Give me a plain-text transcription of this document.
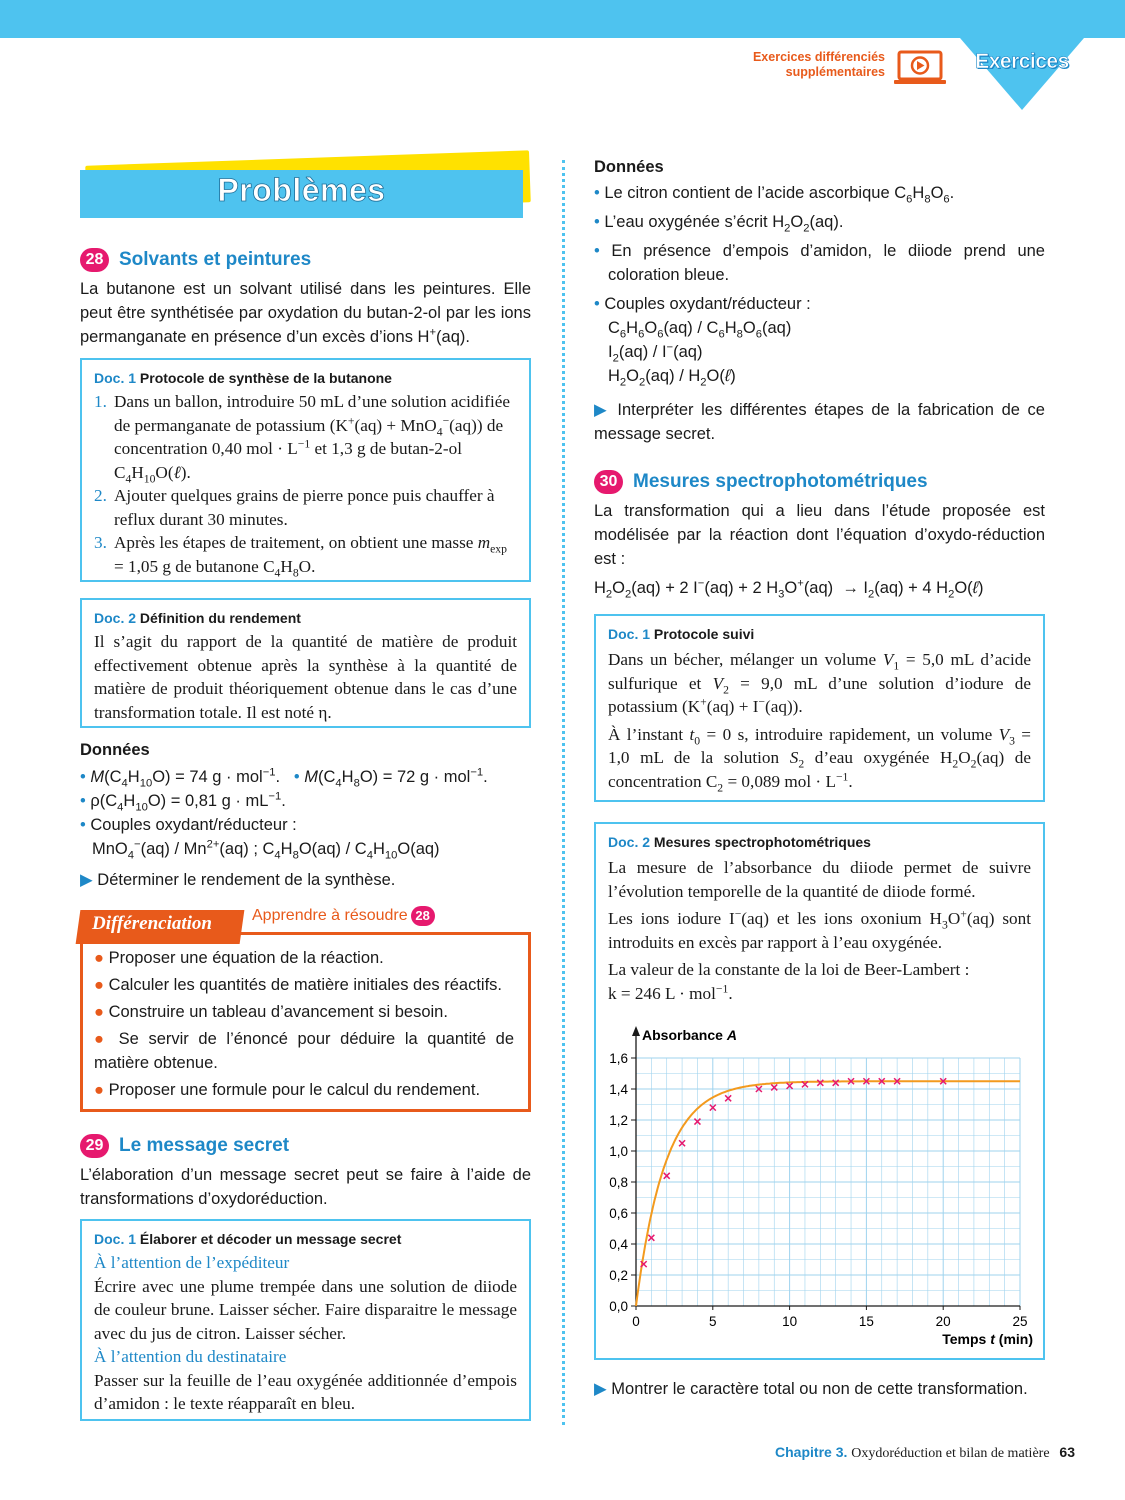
Exercices différenciés
supplémentaires	Exercices
Problèmes
28 Solvants et peintures
La butanone est un solvant utilisé dans les peintures. Elle peut être synthétisée par oxydation du butan-2-ol par les ions permanganate en présence d’un excès d’ions H+(aq).
Doc. 1 Protocole de synthèse de la butanone
1. Dans un ballon, introduire 50 mL d’une solution acidifiée de permanganate de potassium (K+(aq) + MnO$_4$−(aq)) de concentration 0,40 mol · $L^{-1}$ et 1,3 g de butan-2-ol $C_4H_{10}O(\ell)$.
2. Ajouter quelques grains de pierre ponce puis chauffer à reflux durant 30 minutes.
3. Après les étapes de traitement, on obtient une masse $m_{exp} = 1,05$ g de butanone $C_4H_8O$.
Doc. 2 Définition du rendement
Il s’agit du rapport de la quantité de matière de produit effectivement obtenue après la synthèse à la quantité de matière de produit théoriquement obtenue dans le cas d’une transformation totale. Il est noté η.
Données
• $M(C_4H_{10}O) = 74$ g · mol$^{-1}$.   • $M(C_4H_8O) = 72$ g · mol$^{-1}$.
• $\rho(C_4H_{10}O) = 0,81$ $g \cdot mL^{-1}$.
• Couples oxydant/réducteur :
$MnO_4^-(aq) / Mn^{2+}(aq)$ ; $C_4H_8O(aq) / C_4H_{10}O(aq)$
▶ Déterminer le rendement de la synthèse.
Différenciation	Apprendre à résoudre 28
● Proposer une équation de la réaction.
● Calculer les quantités de matière initiales des réactifs.
● Construire un tableau d’avancement si besoin.
● Se servir de l’énoncé pour déduire la quantité de matière obtenue.
● Proposer une formule pour le calcul du rendement.
29 Le message secret
L’élaboration d’un message secret peut se faire à l’aide de transformations d’oxydoréduction.
Doc. 1 Élaborer et décoder un message secret
À l’attention de l’expéditeur
Écrire avec une plume trempée dans une solution de diiode de couleur brune. Laisser sécher. Faire disparaitre le message avec du jus de citron. Laisser sécher.
À l’attention du destinataire
Passer sur la feuille de l’eau oxygénée additionnée d’empois d’amidon : le texte réapparaît en bleu.
Données
• Le citron contient de l’acide ascorbique $C_6H_8O_6$.
• L’eau oxygénée s’écrit $H_2O_2(aq)$.
• En présence d’empois d’amidon, le diiode prend une coloration bleue.
• Couples oxydant/réducteur :
$C_6H_6O_6(aq) / C_6H_8O_6(aq)$
$I_2(aq) / I^-(aq)$
$H_2O_2(aq)$ / $H_2O(\ell)$
▶ Interpréter les différentes étapes de la fabrication de ce message secret.
30 Mesures spectrophotométriques
La transformation qui a lieu dans l’étude proposée est modélisée par la réaction dont l’équation d’oxydo-réduction est :
$H_2O_2(aq) + 2$ I−(aq) + 2 $H_3O^+(aq) \to I_2(aq) + 4$ $H_2O(\ell)$
Doc. 1 Protocole suivi
Dans un bécher, mélanger un volume $V_1 = 5,0$ mL d’acide sulfurique et $V_2 = 9,0$ mL d’une solution d’iodure de potassium (K+(aq) + I−(aq)).
À l’instant $t_0 = 0$ s, introduire rapidement, un volume $V_3 = 1,0$ mL de la solution $S_2$ d’eau oxygénée $H_2O_2(aq)$ de concentration $C_2 = 0,089$ mol · $L^{-1}$.
Doc. 2 Mesures spectrophotométriques
La mesure de l’absorbance du diiode permet de suivre l’évolution temporelle de la quantité de diiode formé.
Les ions iodure I−(aq) et les ions oxonium $H_3O^+(aq)$ sont introduits en excès par rapport à l’eau oxygénée.
La valeur de la constante de la loi de Beer-Lambert :
k = 246 L · mol$^{-1}$.
0,0
0,2
0,4
0,6
0,8
1,0
1,2
1,4
1,6
0	5	10	15	20	25
Absorbance A
Temps t (min)
▶ Montrer le caractère total ou non de cette transformation.
Chapitre 3. Oxydoréduction et bilan de matière 63
